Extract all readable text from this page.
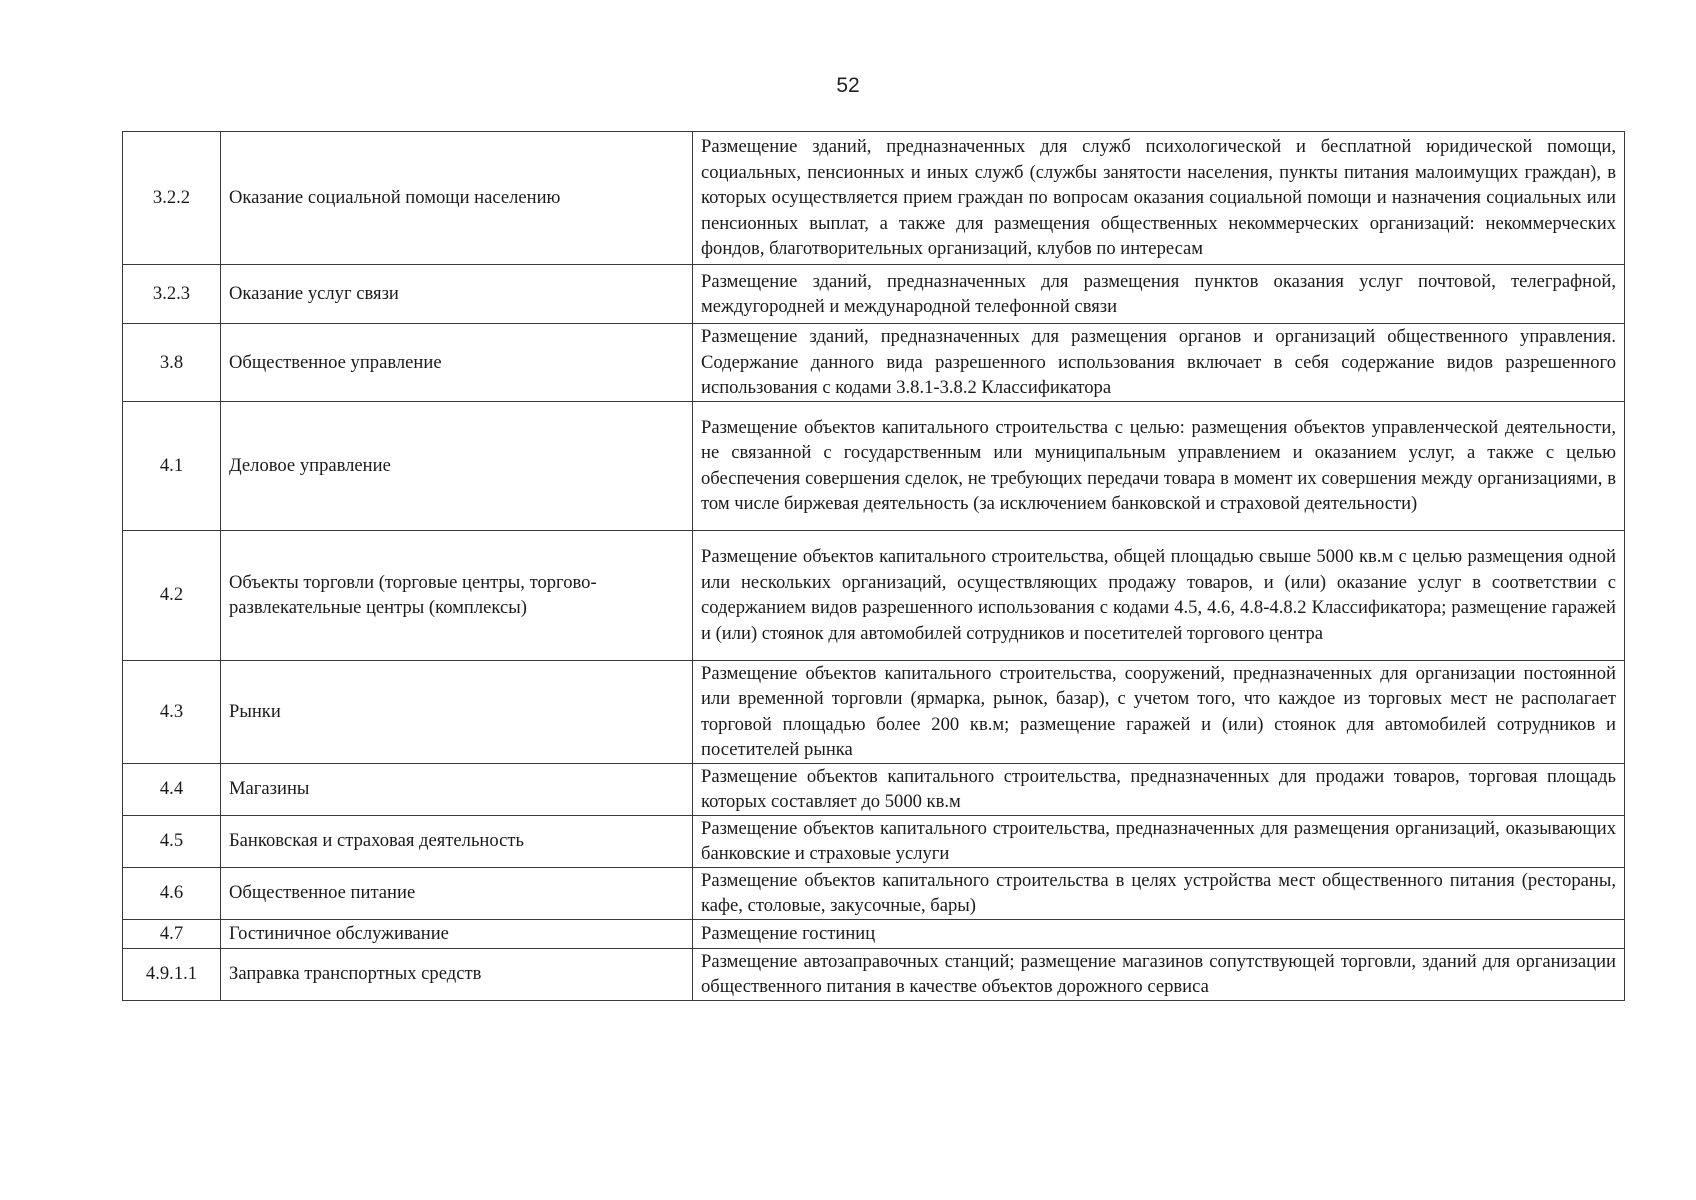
52
3.2.2	Оказание социальной помощи населению	Размещение зданий, предназначенных для служб психологической и бесплатной юридической помощи, социальных, пенсионных и иных служб (службы занятости населения, пункты питания малоимущих граждан), в которых осуществляется прием граждан по вопросам оказания социальной помощи и назначения социальных или пенсионных выплат, а также для размещения общественных некоммерческих организаций: некоммерческих фондов, благотворительных организаций, клубов по интересам
3.2.3	Оказание услуг связи	Размещение зданий, предназначенных для размещения пунктов оказания услуг почтовой, телеграфной, междугородней и международной телефонной связи
3.8	Общественное управление	Размещение зданий, предназначенных для размещения органов и организаций общественного управления. Содержание данного вида разрешенного использования включает в себя содержание видов разрешенного использования с кодами 3.8.1-3.8.2 Классификатора
4.1	Деловое управление	Размещение объектов капитального строительства с целью: размещения объектов управленческой деятельности, не связанной с государственным или муниципальным управлением и оказанием услуг, а также с целью обеспечения совершения сделок, не требующих передачи товара в момент их совершения между организациями, в том числе биржевая деятельность (за исключением банковской и страховой деятельности)
4.2	Объекты торговли (торговые центры, торгово-развлекательные центры (комплексы)	Размещение объектов капитального строительства, общей площадью свыше 5000 кв.м с целью размещения одной или нескольких организаций, осуществляющих продажу товаров, и (или) оказание услуг в соответствии с содержанием видов разрешенного использования с кодами 4.5, 4.6, 4.8-4.8.2 Классификатора; размещение гаражей и (или) стоянок для автомобилей сотрудников и посетителей торгового центра
4.3	Рынки	Размещение объектов капитального строительства, сооружений, предназначенных для организации постоянной или временной торговли (ярмарка, рынок, базар), с учетом того, что каждое из торговых мест не располагает торговой площадью более 200 кв.м; размещение гаражей и (или) стоянок для автомобилей сотрудников и посетителей рынка
4.4	Магазины	Размещение объектов капитального строительства, предназначенных для продажи товаров, торговая площадь которых составляет до 5000 кв.м
4.5	Банковская и страховая деятельность	Размещение объектов капитального строительства, предназначенных для размещения организаций, оказывающих банковские и страховые услуги
4.6	Общественное питание	Размещение объектов капитального строительства в целях устройства мест общественного питания (рестораны, кафе, столовые, закусочные, бары)
4.7	Гостиничное обслуживание	Размещение гостиниц
4.9.1.1	Заправка транспортных средств	Размещение автозаправочных станций; размещение магазинов сопутствующей торговли, зданий для организации общественного питания в качестве объектов дорожного сервиса
